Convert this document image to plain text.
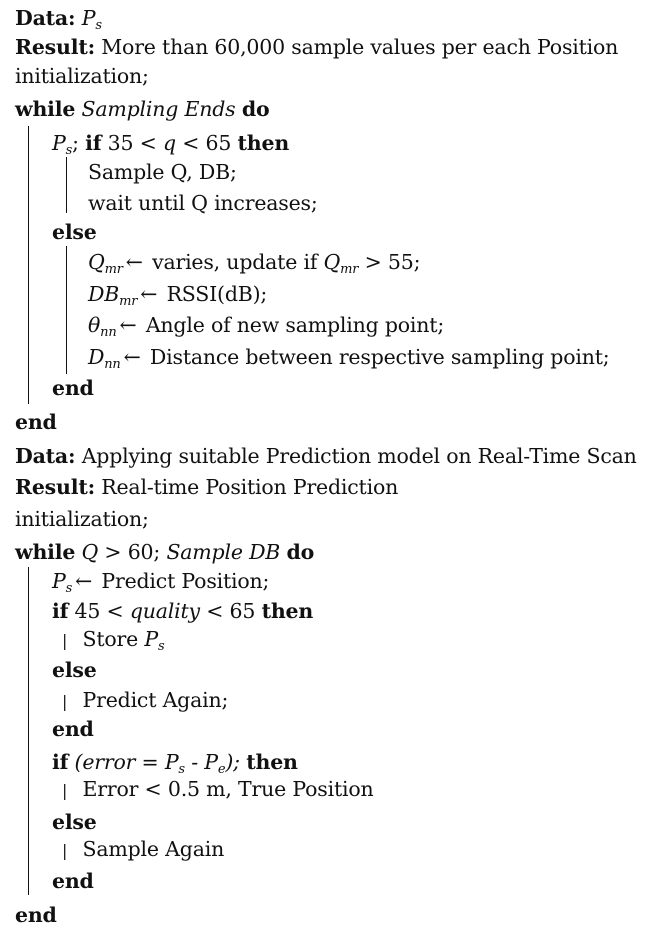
Data: $P_s$
Result: More than 60,000 sample values per each Position
initialization;
while Sampling Ends do
$P_s$; if 35 < q < 65 then
Sample Q, DB;
wait until Q increases;
else
$Q_{mr}$ ← varies, update if $Q_{mr} > 55$;
$DB_{mr}$ ← RSSI(dB);
$\theta_{nn}$ ← Angle of new sampling point;
$D_{nn}$ ← Distance between respective sampling point;
end
end
Data: Applying suitable Prediction model on Real-Time Scan
Result: Real-time Position Prediction
initialization;
while Q > 60; Sample DB do
$P_s$ ← Predict Position;
if 45 < quality < 65 then
| Store $P_s$
else
| Predict Again;
end
if (error = $P_s - P_e$); then
| Error < 0.5 m, True Position
else
| Sample Again
end
end
